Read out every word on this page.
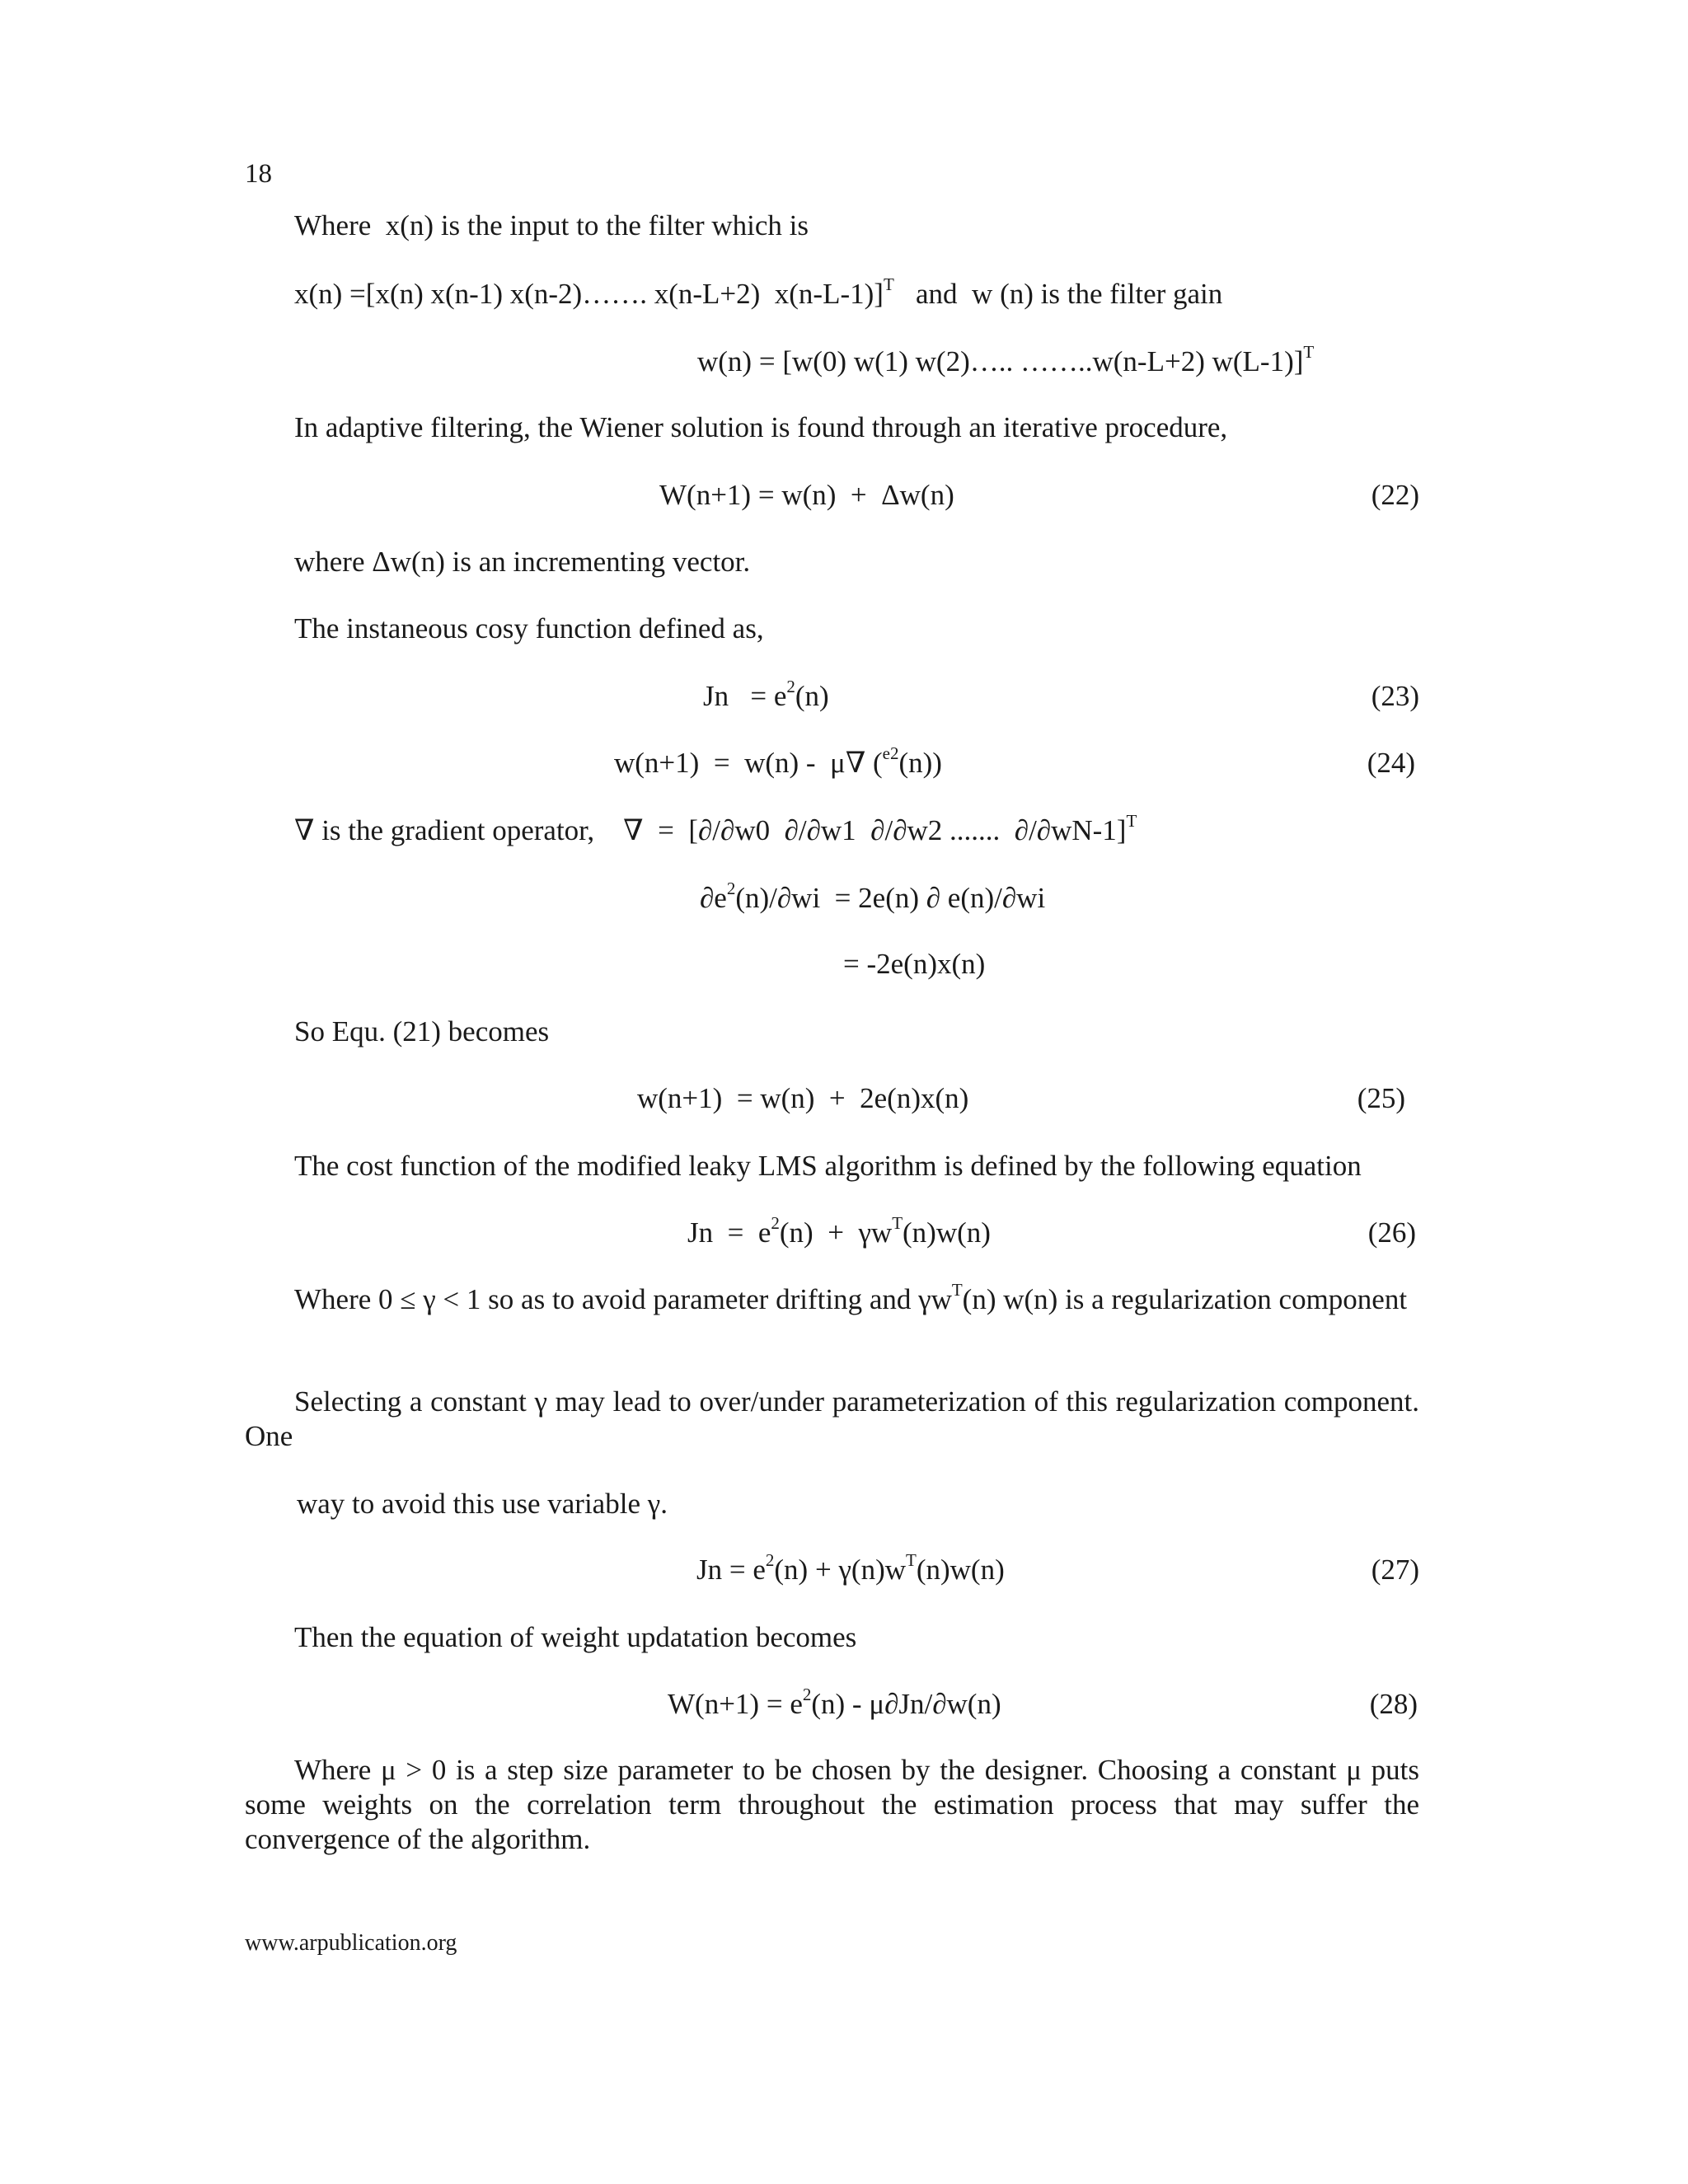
18
Where  x(n) is the input to the filter which is
x(n) =[x(n) x(n-1) x(n-2)……. x(n-L+2)  x(n-L-1)]$^T$   and  w (n) is the filter gain
w(n) = [w(0) w(1) w(2)….. ……..w(n-L+2) w(L-1)]$^T$
In adaptive filtering, the Wiener solution is found through an iterative procedure,
W(n+1) = w(n)  +  Δw(n)	(22)
where Δw(n) is an incrementing vector.
The instaneous cosy function defined as,
$Jn = e^2(n)$	(23)
w(n+1)  =  w(n) -  μ∇ ($^{e2}$(n))	(24)
∇ is the gradient operator,    ∇  =  [∂/∂w0  ∂/∂w1  ∂/∂w2 .......  ∂/∂wN-1]$^T$
$\partial e^2(n)/\partial wi = 2e(n)$ ∂ e(n)/∂wi
= -2e(n)x(n)
So Equ. (21) becomes
w(n+1)  = w(n)  +  2e(n)x(n)	(25)
The cost function of the modified leaky LMS algorithm is defined by the following equation
$Jn = e^2(n) + \gamma w^T(n)w(n)$	(26)
Where 0 ≤ γ < 1 so as to avoid parameter drifting and $\gamma w^T(n)$ w(n) is a regularization component
Selecting a constant γ may lead to over/under parameterization of this regularization component. One
way to avoid this use variable γ.
$Jn = e^2(n) + \gamma(n)w^T(n)w(n)$	(27)
Then the equation of weight updatation becomes
$W(n+1) = e^2(n) - \mu\partial Jn/\partial w(n)$	(28)
Where μ > 0 is a step size parameter to be chosen by the designer. Choosing a constant μ puts some weights on the correlation term throughout the estimation process that may suffer the convergence of the algorithm.
www.arpublication.org
